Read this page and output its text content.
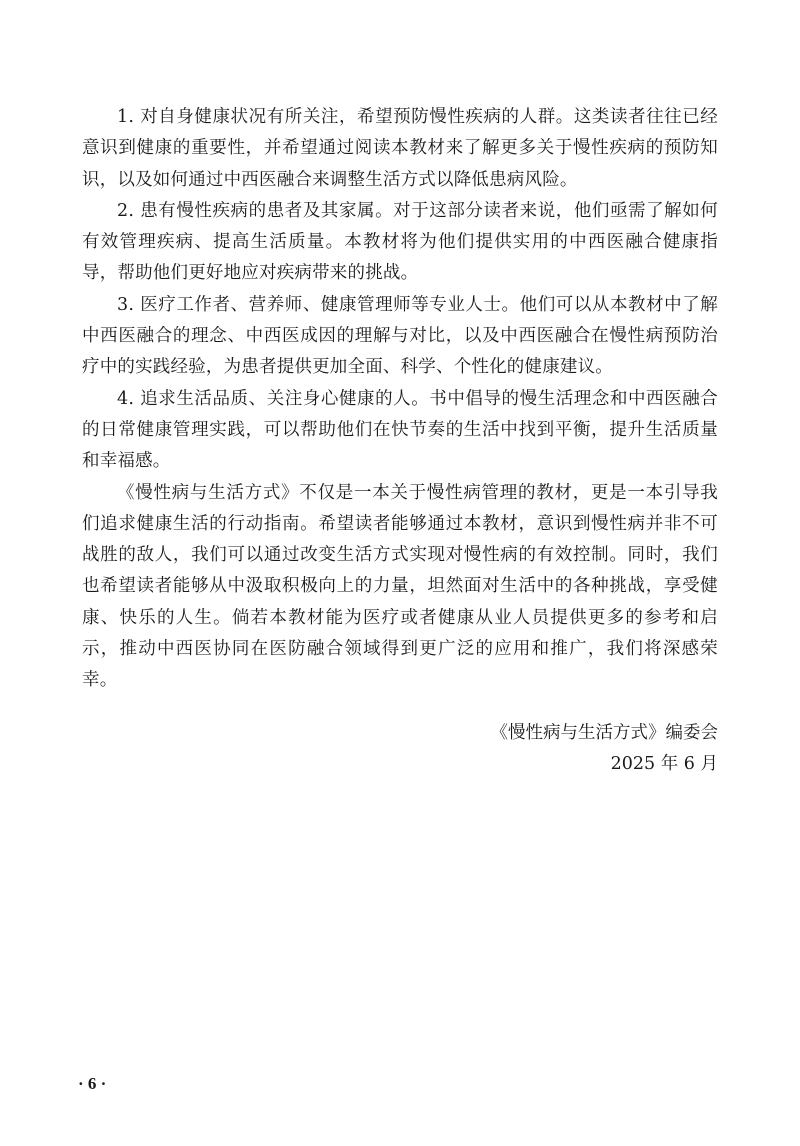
1. 对自身健康状况有所关注，希望预防慢性疾病的人群。这类读者往往已经意识到健康的重要性，并希望通过阅读本教材来了解更多关于慢性疾病的预防知识，以及如何通过中西医融合来调整生活方式以降低患病风险。

2. 患有慢性疾病的患者及其家属。对于这部分读者来说，他们亟需了解如何有效管理疾病、提高生活质量。本教材将为他们提供实用的中西医融合健康指导，帮助他们更好地应对疾病带来的挑战。

3. 医疗工作者、营养师、健康管理师等专业人士。他们可以从本教材中了解中西医融合的理念、中西医成因的理解与对比，以及中西医融合在慢性病预防治疗中的实践经验，为患者提供更加全面、科学、个性化的健康建议。

4. 追求生活品质、关注身心健康的人。书中倡导的慢生活理念和中西医融合的日常健康管理实践，可以帮助他们在快节奏的生活中找到平衡，提升生活质量和幸福感。

《慢性病与生活方式》不仅是一本关于慢性病管理的教材，更是一本引导我们追求健康生活的行动指南。希望读者能够通过本教材，意识到慢性病并非不可战胜的敌人，我们可以通过改变生活方式实现对慢性病的有效控制。同时，我们也希望读者能够从中汲取积极向上的力量，坦然面对生活中的各种挑战，享受健康、快乐的人生。倘若本教材能为医疗或者健康从业人员提供更多的参考和启示，推动中西医协同在医防融合领域得到更广泛的应用和推广，我们将深感荣幸。

《慢性病与生活方式》编委会
2025 年 6 月
· 6 ·
